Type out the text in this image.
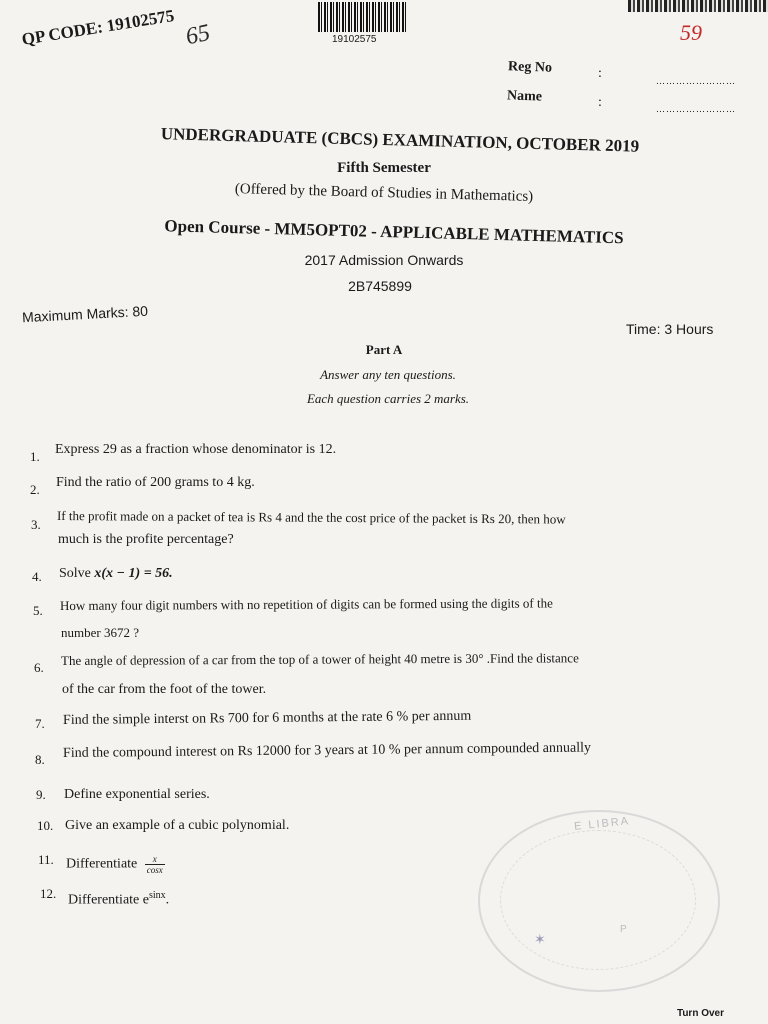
19102575	59
QP CODE: 19102575 65
Reg No	:	……………………
Name	:	……………………
UNDERGRADUATE (CBCS) EXAMINATION, OCTOBER 2019
Fifth Semester
(Offered by the Board of Studies in Mathematics)
Open Course - MM5OPT02 - APPLICABLE MATHEMATICS
2017 Admission Onwards
2B745899
Maximum Marks: 80
Time: 3 Hours
Part A
Answer any ten questions.
Each question carries 2 marks.
1. Express 29 as a fraction whose denominator is 12.
2. Find the ratio of 200 grams to 4 kg.
3. If the profit made on a packet of tea is Rs 4 and the the cost price of the packet is Rs 20, then how
much is the profite percentage?
4. Solve x(x − 1) = 56.
5. How many four digit numbers with no repetition of digits can be formed using the digits of the
number 3672 ?
6. The angle of depression of a car from the top of a tower of height 40 metre is 30° .Find the distance
of the car from the foot of the tower.
7. Find the simple interst on Rs 700 for 6 months at the rate 6 % per annum
8. Find the compound interest on Rs 12000 for 3 years at 10 % per annum compounded annually
9. Define exponential series.
10. Give an example of a cubic polynomial.
11. Differentiate $\frac{x}{\cos x}$
12. Differentiate $e^{sinx}$.
E LIBRA
P
✶
Turn Over
